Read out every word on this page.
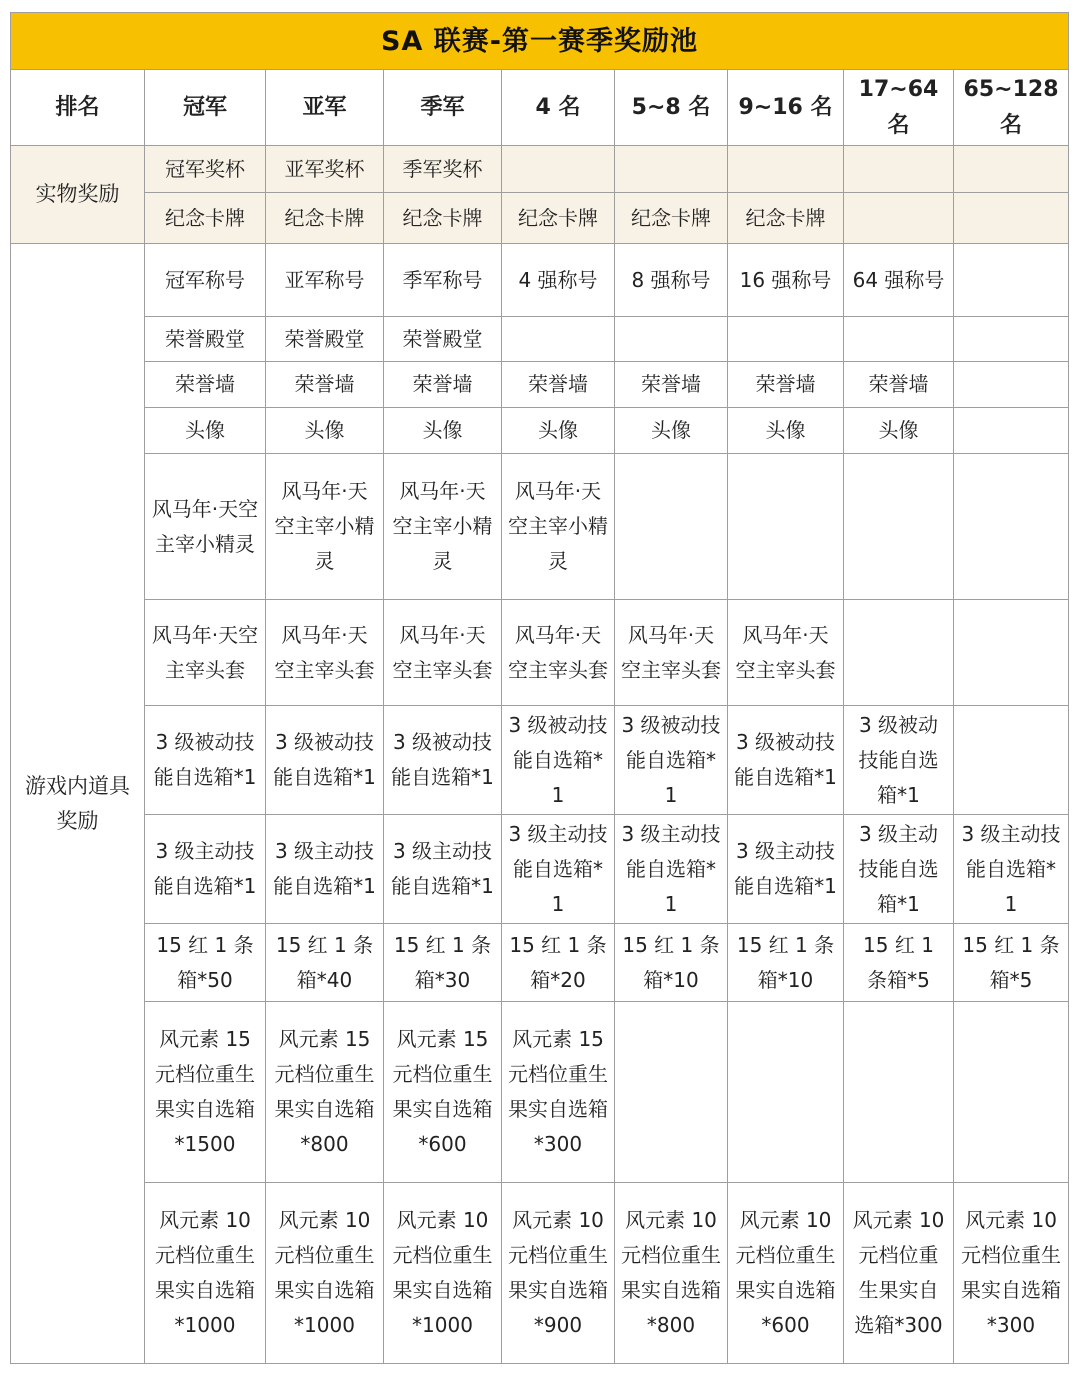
SA 联赛-第一赛季奖励池								
排名	冠军	亚军	季军	4 名	5~8 名	9~16 名	17~64 名	65~128 名
实物奖励	冠军奖杯	亚军奖杯	季军奖杯					
	纪念卡牌	纪念卡牌	纪念卡牌	纪念卡牌	纪念卡牌	纪念卡牌		
游戏内道具奖励	冠军称号	亚军称号	季军称号	4 强称号	8 强称号	16 强称号	64 强称号	
	荣誉殿堂	荣誉殿堂	荣誉殿堂					
	荣誉墙	荣誉墙	荣誉墙	荣誉墙	荣誉墙	荣誉墙	荣誉墙	
	头像	头像	头像	头像	头像	头像	头像	
	风马年·天空主宰小精灵	风马年·天空主宰小精灵	风马年·天空主宰小精灵	风马年·天空主宰小精灵				
	风马年·天空主宰头套	风马年·天空主宰头套	风马年·天空主宰头套	风马年·天空主宰头套	风马年·天空主宰头套	风马年·天空主宰头套		
	3 级被动技能自选箱*1	3 级被动技能自选箱*1	3 级被动技能自选箱*1	3 级被动技能自选箱*1	3 级被动技能自选箱*1	3 级被动技能自选箱*1	3 级被动技能自选箱*1	
	3 级主动技能自选箱*1	3 级主动技能自选箱*1	3 级主动技能自选箱*1	3 级主动技能自选箱*1	3 级主动技能自选箱*1	3 级主动技能自选箱*1	3 级主动技能自选箱*1	3 级主动技能自选箱*1
	15 红 1 条箱*50	15 红 1 条箱*40	15 红 1 条箱*30	15 红 1 条箱*20	15 红 1 条箱*10	15 红 1 条箱*10	15 红 1 条箱*5	15 红 1 条箱*5
	风元素 15 元档位重生果实自选箱*1500	风元素 15 元档位重生果实自选箱*800	风元素 15 元档位重生果实自选箱*600	风元素 15 元档位重生果实自选箱*300				
	风元素 10 元档位重生果实自选箱*1000	风元素 10 元档位重生果实自选箱*1000	风元素 10 元档位重生果实自选箱*1000	风元素 10 元档位重生果实自选箱*900	风元素 10 元档位重生果实自选箱*800	风元素 10 元档位重生果实自选箱*600	风元素 10 元档位重生果实自选箱*300	风元素 10 元档位重生果实自选箱*300
